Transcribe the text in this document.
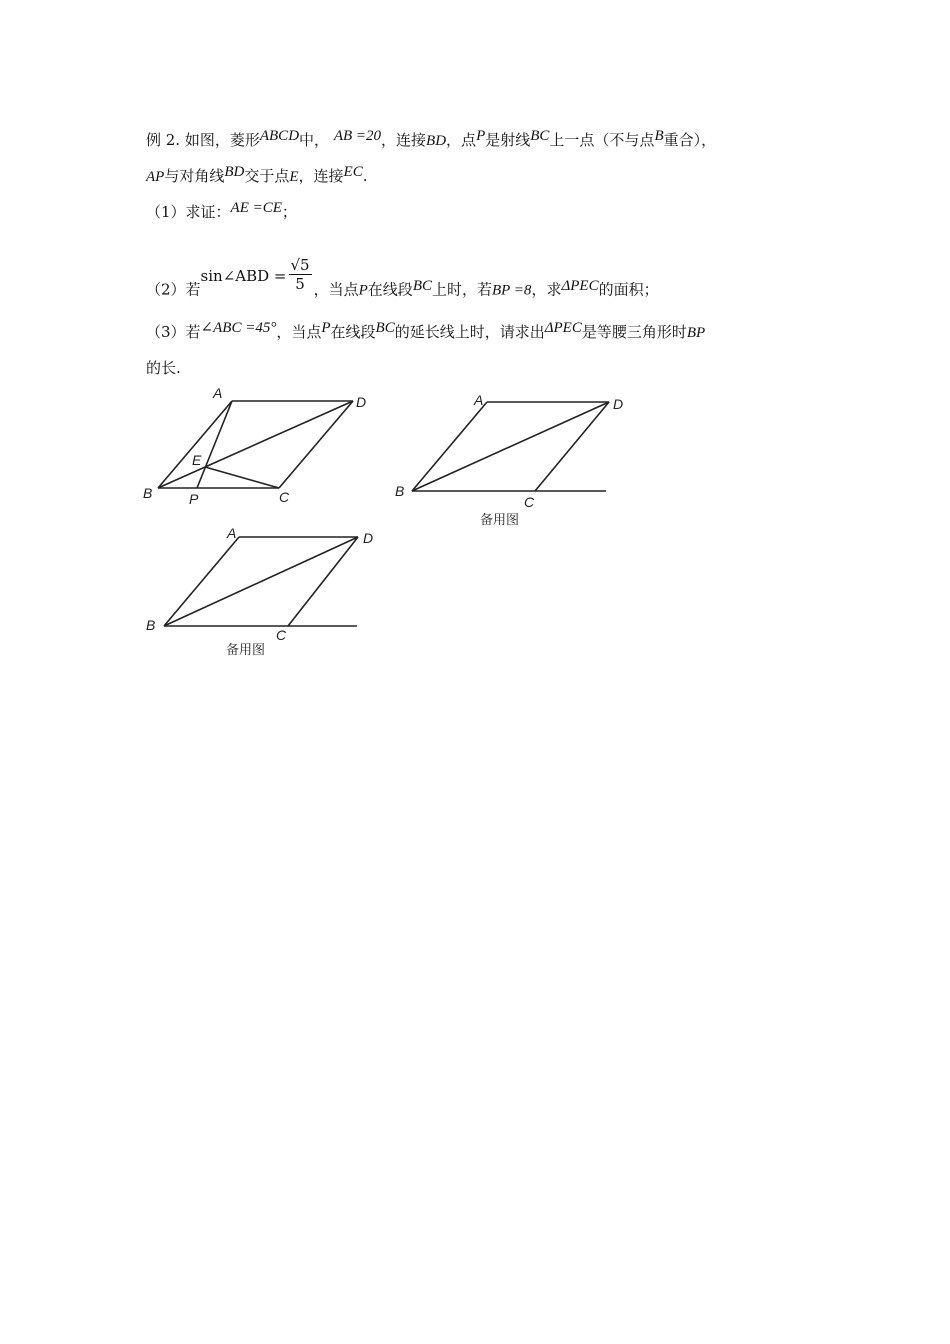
例 2. 如图，菱形ABCD中， AB =20，连接BD，点P是射线BC上一点（不与点B重合），
AP与对角线BD交于点E，连接EC.
（1）求证：AE =CE；
（2）若sin∠ABD = $\frac{√5}{5}$ ，当点P在线段BC上时，若BP =8，求ΔPEC的面积；
（3）若∠ABC =45°，当点P在线段BC的延长线上时，请求出ΔPEC是等腰三角形时BP
的长.
A
D
B	P	C
E
A	D
B
C
备用图
A	D
B
C
备用图
